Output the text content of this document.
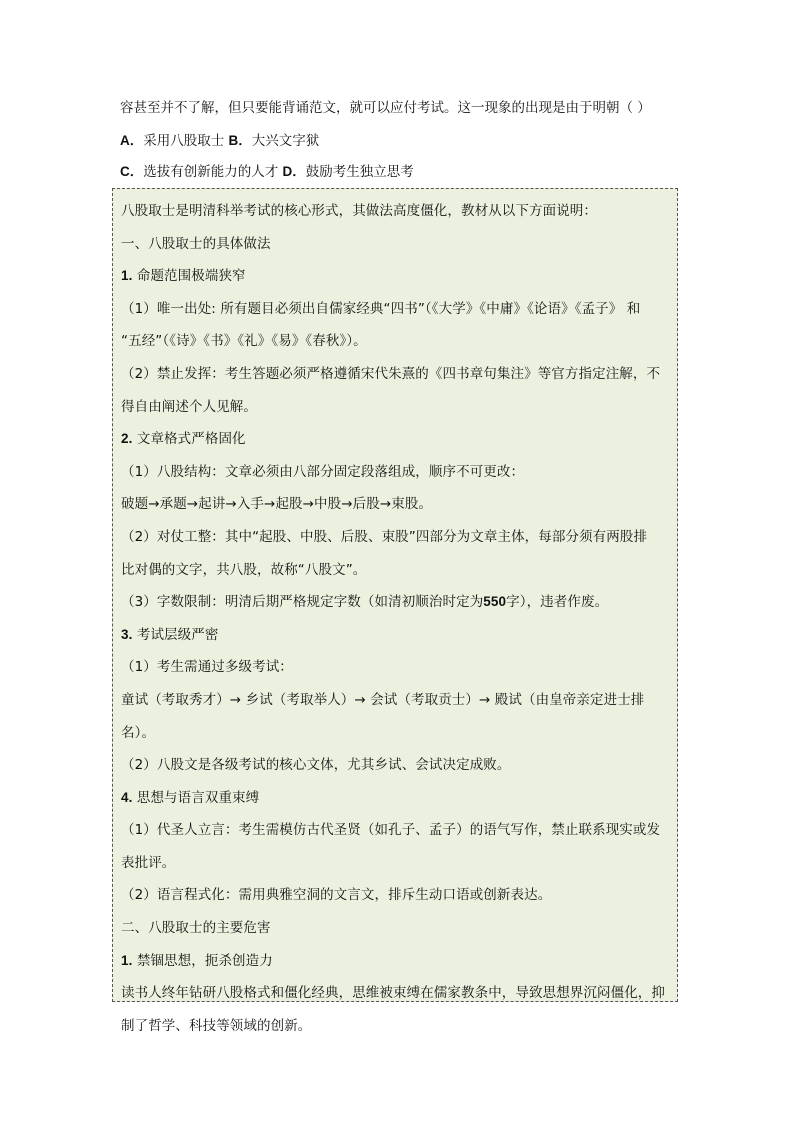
容甚至并不了解，但只要能背诵范文，就可以应付考试。这一现象的出现是由于明朝（ ）

A．采用八股取士 B．大兴文字狱

C．选拔有创新能力的人才 D．鼓励考生独立思考

八股取士是明清科举考试的核心形式，其做法高度僵化，教材从以下方面说明：

一、八股取士的具体做法

1. 命题范围极端狭窄

（1）唯一出处: 所有题目必须出自儒家经典“四书”（《大学》《中庸》《论语》《孟子》 和

“五经”（《诗》《书》《礼》《易》《春秋》）。

（2）禁止发挥：考生答题必须严格遵循宋代朱熹的《四书章句集注》等官方指定注解，不

得自由阐述个人见解。

2. 文章格式严格固化

（1）八股结构：文章必须由八部分固定段落组成，顺序不可更改：

破题→承题→起讲→入手→起股→中股→后股→束股。

（2）对仗工整：其中“起股、中股、后股、束股”四部分为文章主体，每部分须有两股排

比对偶的文字，共八股，故称“八股文”。

（3）字数限制：明清后期严格规定字数（如清初顺治时定为550字），违者作废。

3. 考试层级严密

（1）考生需通过多级考试：

童试（考取秀才）→ 乡试（考取举人）→ 会试（考取贡士）→ 殿试（由皇帝亲定进士排

名）。

（2）八股文是各级考试的核心文体，尤其乡试、会试决定成败。

4. 思想与语言双重束缚

（1）代圣人立言：考生需模仿古代圣贤（如孔子、孟子）的语气写作，禁止联系现实或发

表批评。

（2）语言程式化：需用典雅空洞的文言文，排斥生动口语或创新表达。

二、八股取士的主要危害

1. 禁锢思想，扼杀创造力

读书人终年钻研八股格式和僵化经典，思维被束缚在儒家教条中，导致思想界沉闷僵化，抑

制了哲学、科技等领域的创新。
